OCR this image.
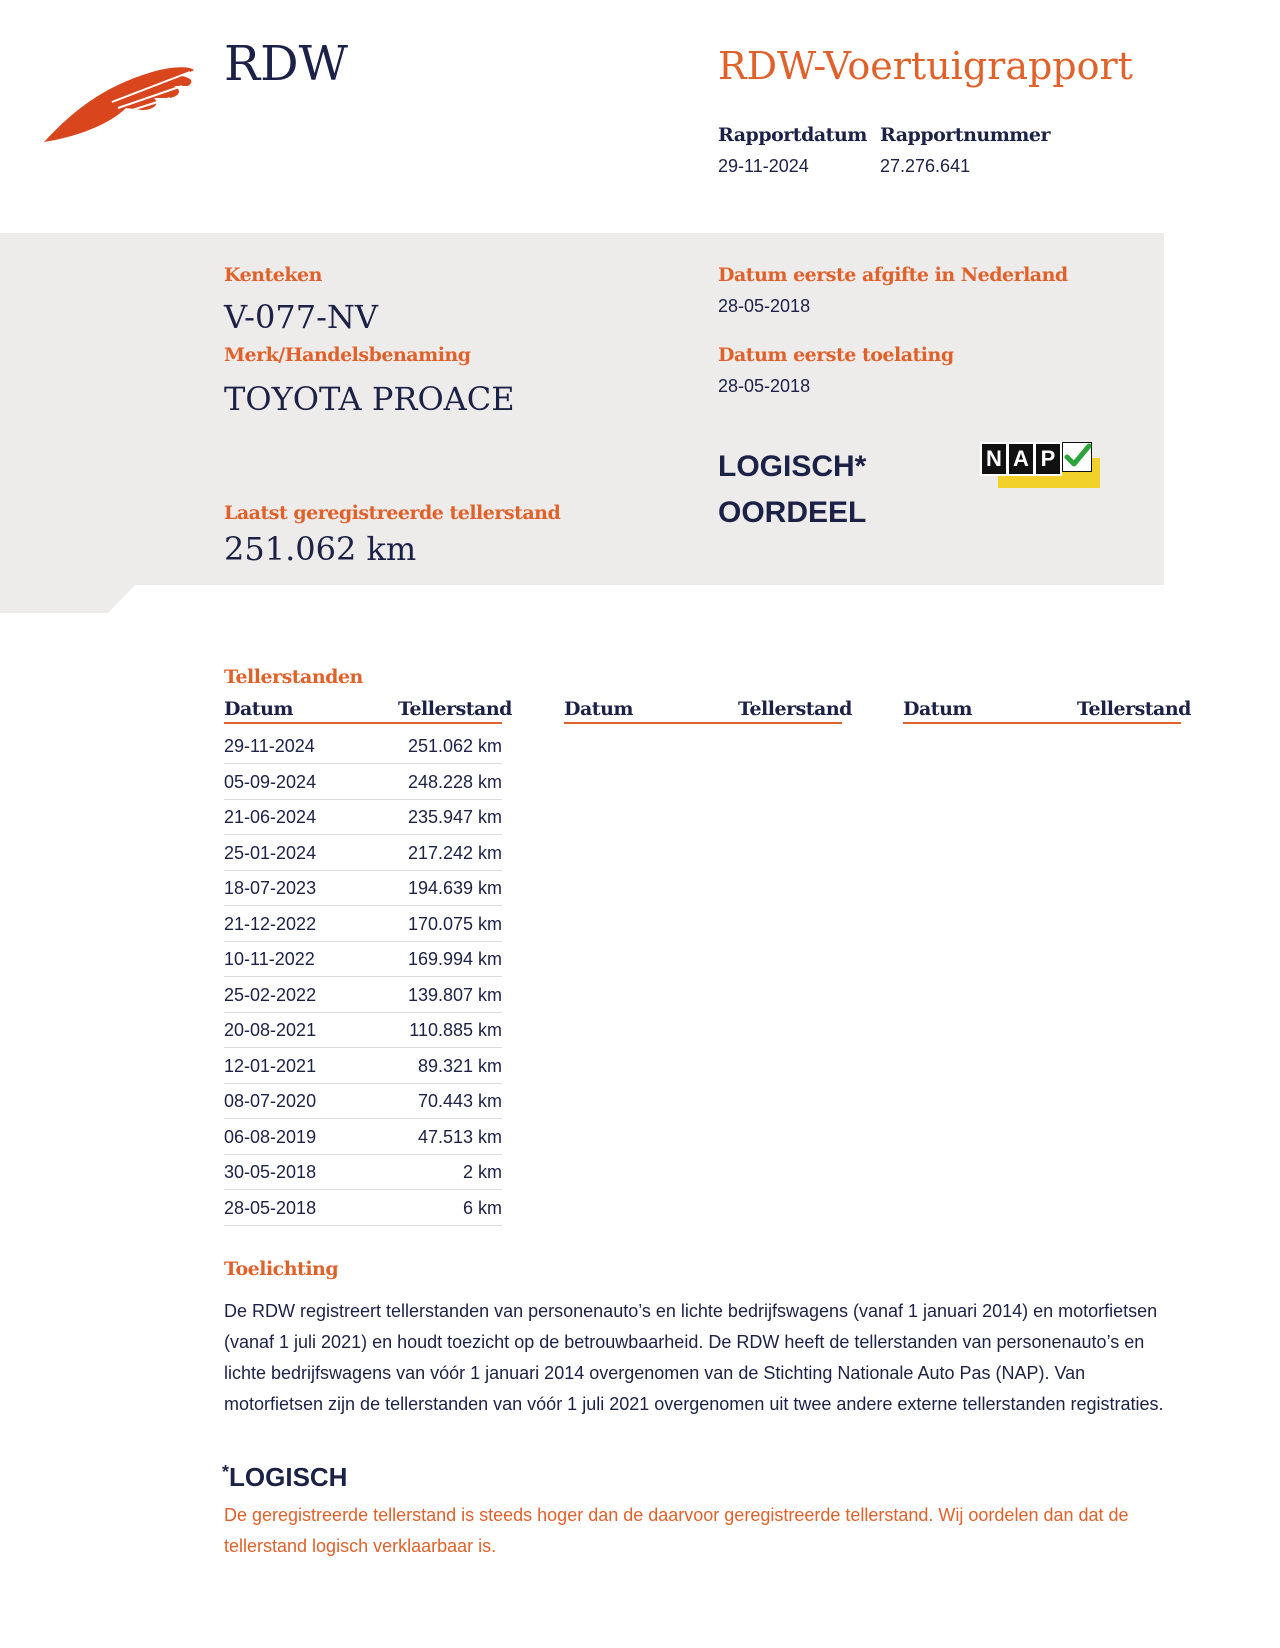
RDW	RDW-Voertuigrapport
Rapportdatum
29-11-2024
Rapportnummer
27.276.641
Kenteken
V-077-NV
Merk/Handelsbenaming
TOYOTA PROACE
Laatst geregistreerde tellerstand
251.062 km
Datum eerste afgifte in Nederland
28-05-2018
Datum eerste toelating
28-05-2018
LOGISCH*
OORDEEL
N A P
Tellerstanden
Datum	Tellerstand	Datum	Tellerstand	Datum	Tellerstand
29-11-2024	251.062 km
05-09-2024	248.228 km
21-06-2024	235.947 km
25-01-2024	217.242 km
18-07-2023	194.639 km
21-12-2022	170.075 km
10-11-2022	169.994 km
25-02-2022	139.807 km
20-08-2021	110.885 km
12-01-2021	89.321 km
08-07-2020	70.443 km
06-08-2019	47.513 km
30-05-2018	2 km
28-05-2018	6 km
Toelichting
De RDW registreert tellerstanden van personenauto’s en lichte bedrijfswagens (vanaf 1 januari 2014) en motorfietsen (vanaf 1 juli 2021) en houdt toezicht op de betrouwbaarheid. De RDW heeft de tellerstanden van personenauto’s en lichte bedrijfswagens van vóór 1 januari 2014 overgenomen van de Stichting Nationale Auto Pas (NAP). Van motorfietsen zijn de tellerstanden van vóór 1 juli 2021 overgenomen uit twee andere externe tellerstanden registraties.
*LOGISCH
De geregistreerde tellerstand is steeds hoger dan de daarvoor geregistreerde tellerstand. Wij oordelen dan dat de tellerstand logisch verklaarbaar is.
